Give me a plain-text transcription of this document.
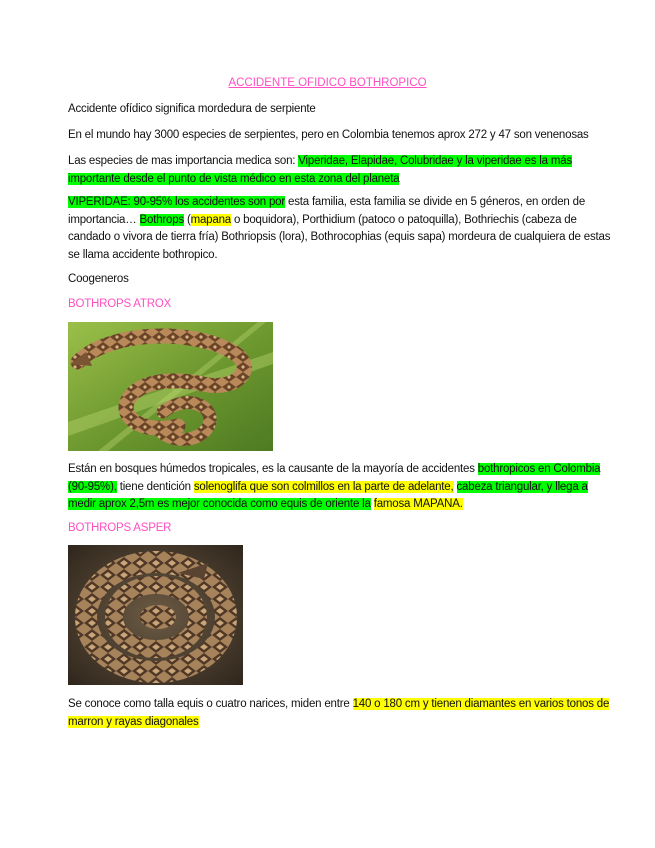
ACCIDENTE OFIDICO BOTHROPICO
Accidente ofídico significa mordedura de serpiente
En el mundo hay 3000 especies de serpientes, pero en Colombia tenemos aprox 272 y 47 son venenosas
Las especies de mas importancia medica son: Viperidae, Elapidae, Colubridae y la viperidae es la más importante desde el punto de vista médico en esta zona del planeta
VIPERIDAE: 90-95% los accidentes son por esta familia, esta familia se divide en 5 géneros, en orden de importancia… Bothrops (mapana o boquidora), Porthidium (patoco o patoquilla), Bothriechis (cabeza de candado o vivora de tierra fría) Bothriopsis (lora), Bothrocophias (equis sapa) mordeura de cualquiera de estas se llama accidente bothropico.
Coogeneros
BOTHROPS ATROX
Están en bosques húmedos tropicales, es la causante de la mayoría de accidentes bothropicos en Colombia (90-95%), tiene dentición solenoglifa que son colmillos en la parte de adelante, cabeza triangular, y llega a medir aprox 2,5m es mejor conocida como equis de oriente la famosa MAPANA.
BOTHROPS ASPER
Se conoce como talla equis o cuatro narices, miden entre 140 o 180 cm y tienen diamantes en varios tonos de marron y rayas diagonales
